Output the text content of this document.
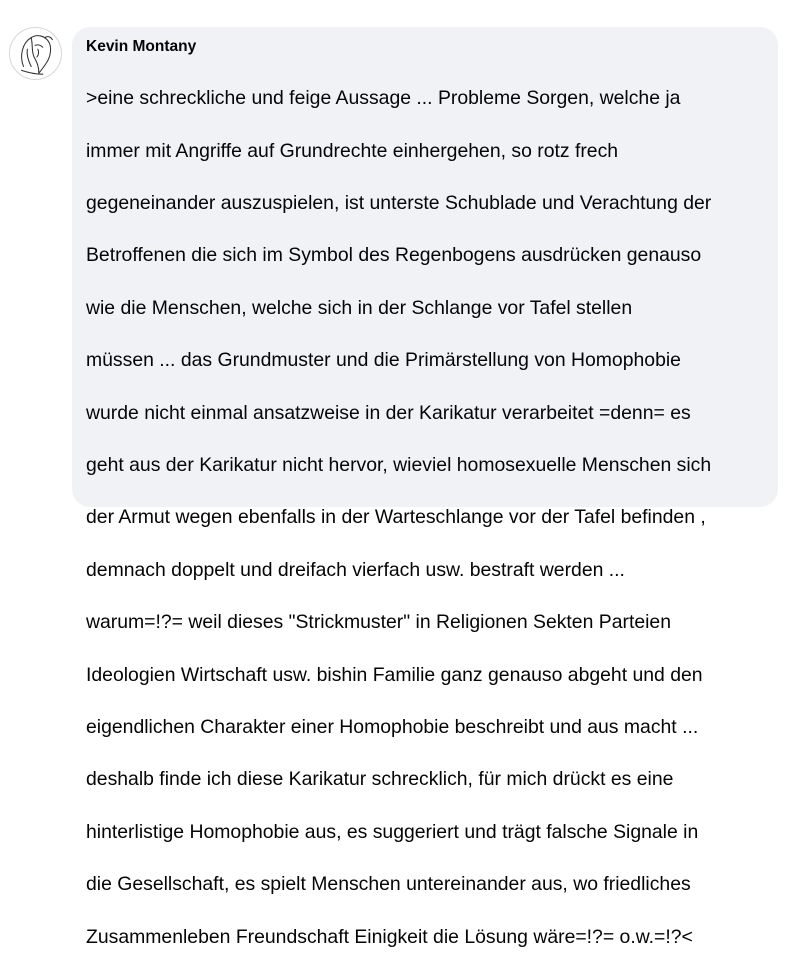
Kevin Montany

>eine schreckliche und feige Aussage ... Probleme Sorgen, welche ja

immer mit Angriffe auf Grundrechte einhergehen, so rotz frech

gegeneinander auszuspielen, ist unterste Schublade und Verachtung der

Betroffenen die sich im Symbol des Regenbogens ausdrücken genauso

wie die Menschen, welche sich in der Schlange vor Tafel stellen

müssen ... das Grundmuster und die Primärstellung von Homophobie

wurde nicht einmal ansatzweise in der Karikatur verarbeitet =denn= es

geht aus der Karikatur nicht hervor, wieviel homosexuelle Menschen sich

der Armut wegen ebenfalls in der Warteschlange vor der Tafel befinden ,

demnach doppelt und dreifach vierfach usw. bestraft werden ...

warum=!?= weil dieses "Strickmuster" in Religionen Sekten Parteien

Ideologien Wirtschaft usw. bishin Familie ganz genauso abgeht und den

eigendlichen Charakter einer Homophobie beschreibt und aus macht ...

deshalb finde ich diese Karikatur schrecklich, für mich drückt es eine

hinterlistige Homophobie aus, es suggeriert und trägt falsche Signale in

die Gesellschaft, es spielt Menschen untereinander aus, wo friedliches

Zusammenleben Freundschaft Einigkeit die Lösung wäre=!?= o.w.=!?<
